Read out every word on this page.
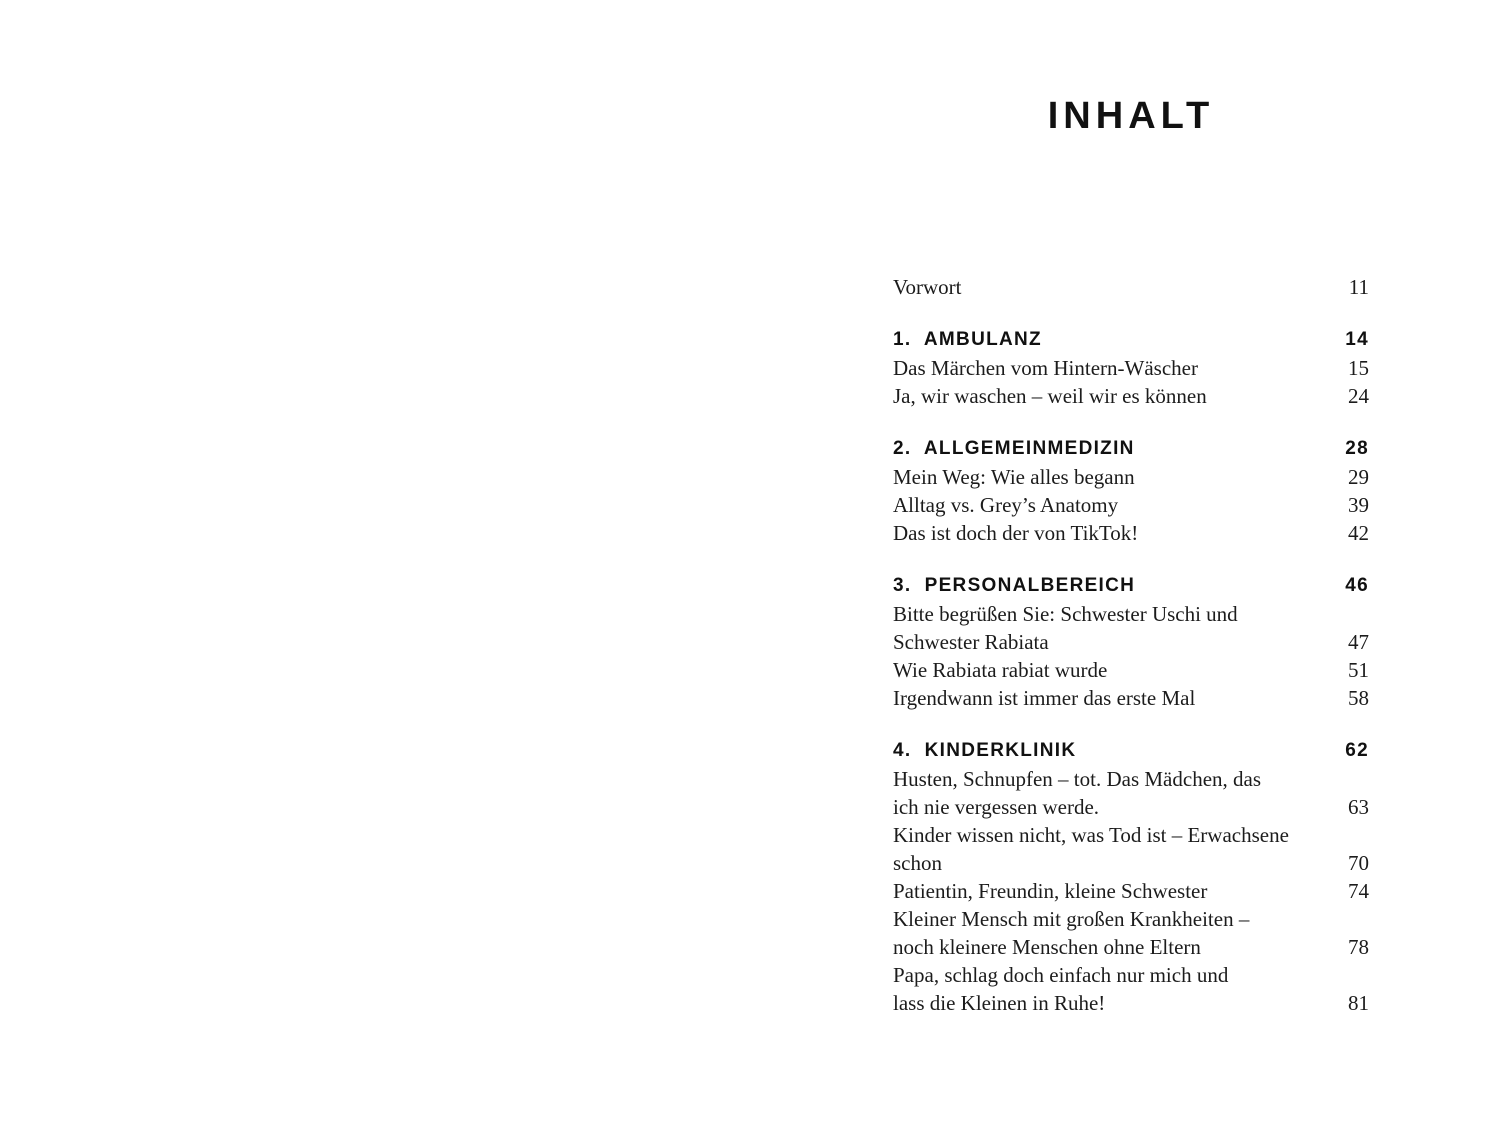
INHALT
Vorwort	11
1.  AMBULANZ	14
Das Märchen vom Hintern-Wäscher	15
Ja, wir waschen – weil wir es können	24
2.  ALLGEMEINMEDIZIN	28
Mein Weg: Wie alles begann	29
Alltag vs. Grey’s Anatomy	39
Das ist doch der von TikTok!	42
3.  PERSONALBEREICH	46
Bitte begrüßen Sie: Schwester Uschi und
Schwester Rabiata	47
Wie Rabiata rabiat wurde	51
Irgendwann ist immer das erste Mal	58
4.  KINDERKLINIK	62
Husten, Schnupfen – tot. Das Mädchen, das
ich nie vergessen werde.	63
Kinder wissen nicht, was Tod ist – Erwachsene
schon	70
Patientin, Freundin, kleine Schwester	74
Kleiner Mensch mit großen Krankheiten –
noch kleinere Menschen ohne Eltern	78
Papa, schlag doch einfach nur mich und
lass die Kleinen in Ruhe!	81
